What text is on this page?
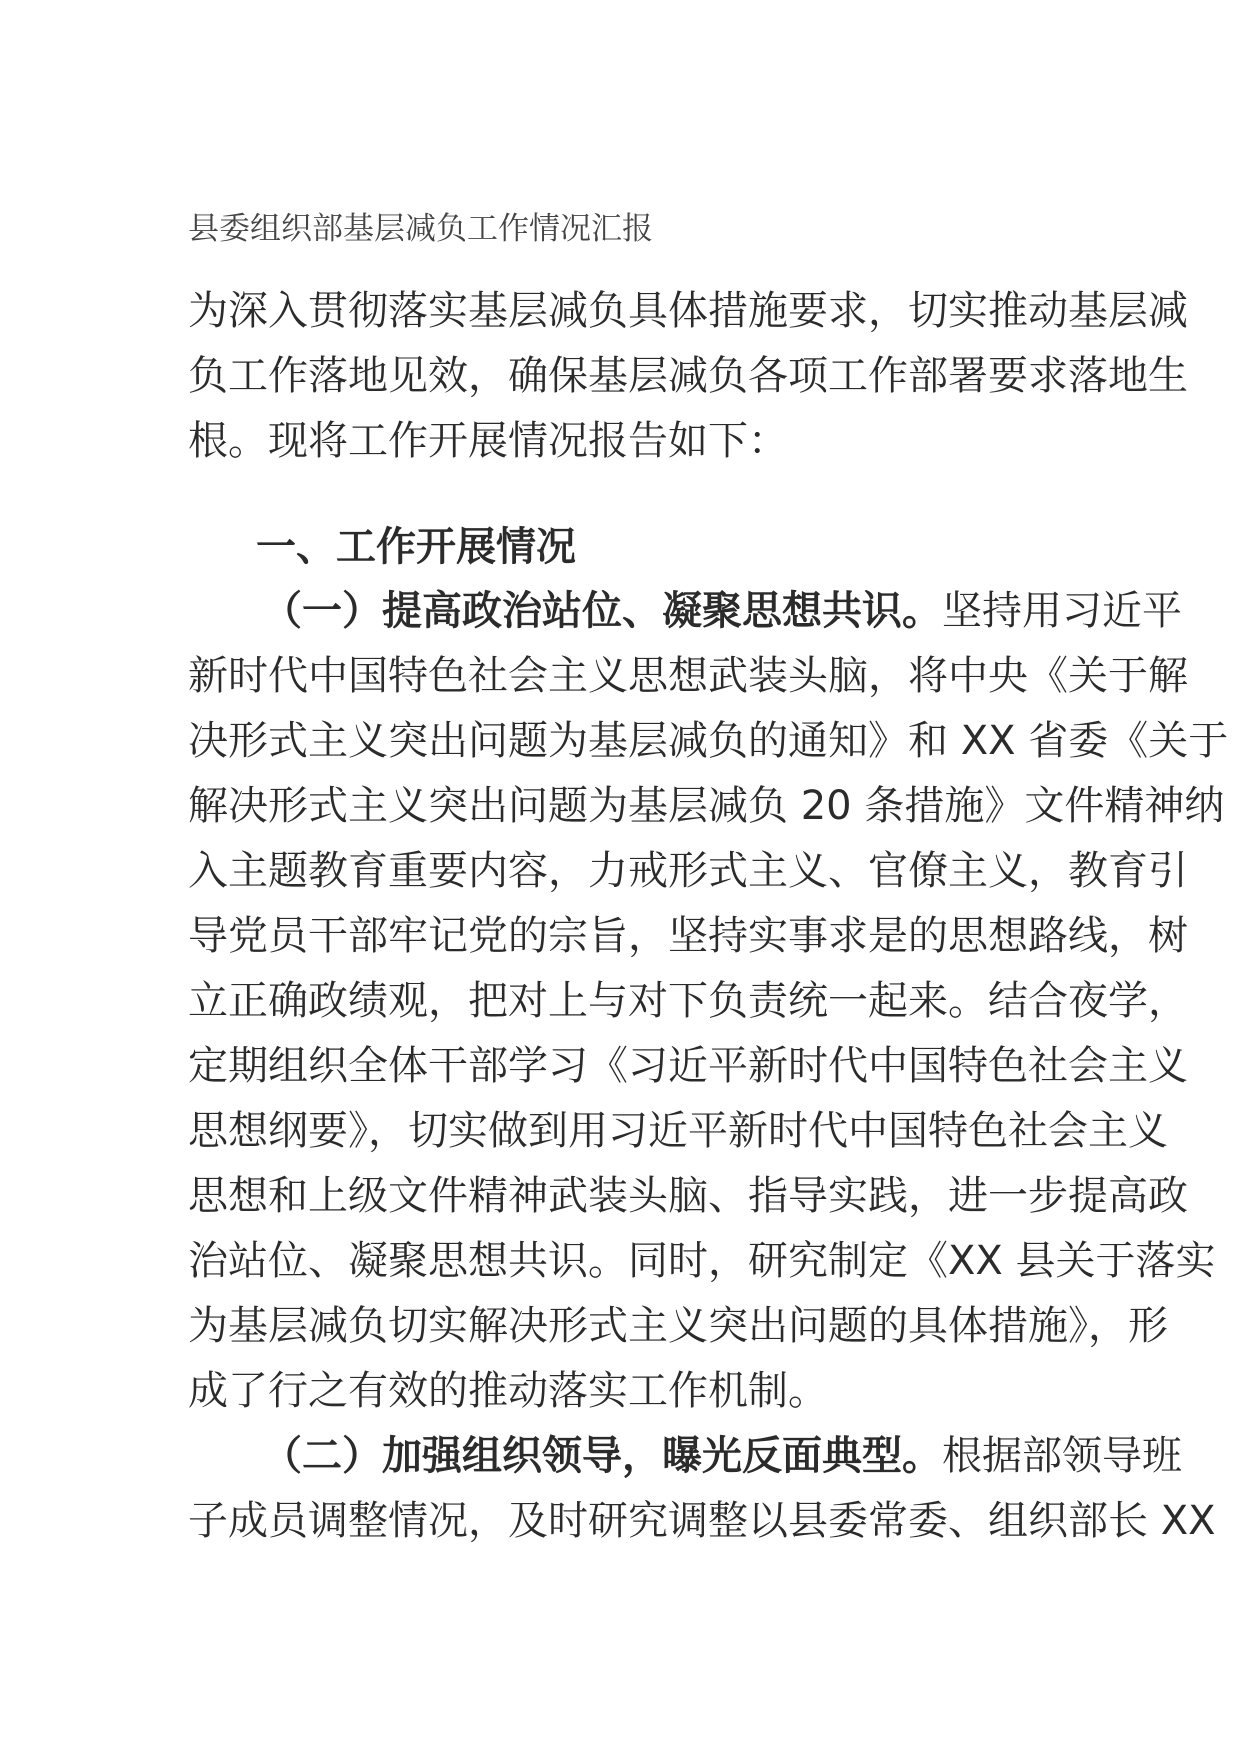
县委组织部基层减负工作情况汇报
为深入贯彻落实基层减负具体措施要求，切实推动基层减
负工作落地见效，确保基层减负各项工作部署要求落地生
根。现将工作开展情况报告如下：
一、工作开展情况
（一）提高政治站位、凝聚思想共识。坚持用习近平
新时代中国特色社会主义思想武装头脑，将中央《关于解
决形式主义突出问题为基层减负的通知》和 XX 省委《关于
解决形式主义突出问题为基层减负 20 条措施》文件精神纳
入主题教育重要内容，力戒形式主义、官僚主义，教育引
导党员干部牢记党的宗旨，坚持实事求是的思想路线，树
立正确政绩观，把对上与对下负责统一起来。结合夜学，
定期组织全体干部学习《习近平新时代中国特色社会主义
思想纲要》，切实做到用习近平新时代中国特色社会主义
思想和上级文件精神武装头脑、指导实践，进一步提高政
治站位、凝聚思想共识。同时，研究制定《XX 县关于落实
为基层减负切实解决形式主义突出问题的具体措施》，形
成了行之有效的推动落实工作机制。
（二）加强组织领导，曝光反面典型。根据部领导班
子成员调整情况，及时研究调整以县委常委、组织部长 XX
